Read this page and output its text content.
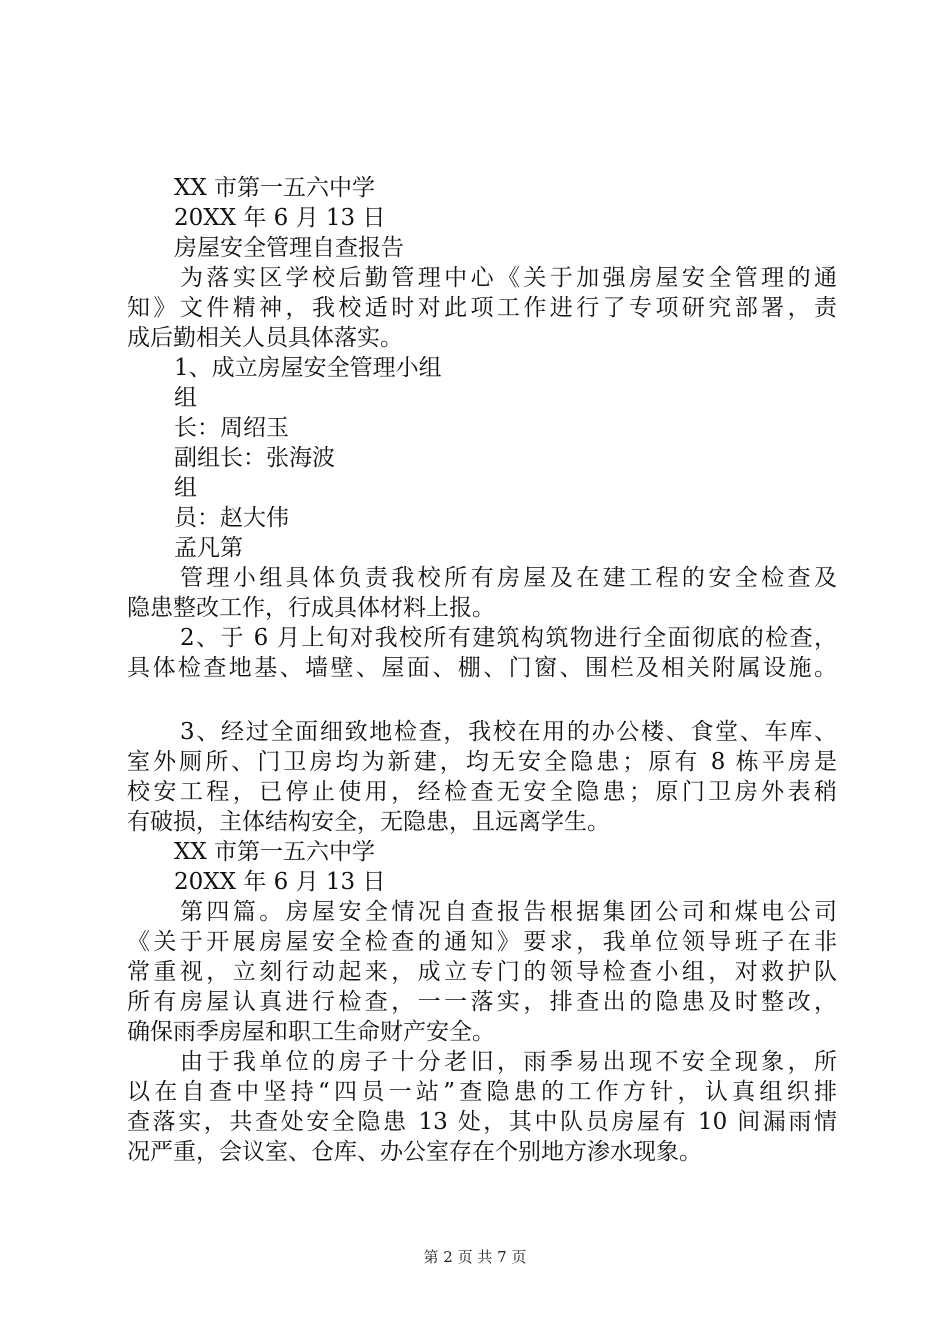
XX 市第一五六中学
20XX 年 6 月 13 日
房屋安全管理自查报告
为落实区学校后勤管理中心《关于加强房屋安全管理的通
知》文件精神，我校适时对此项工作进行了专项研究部署，责
成后勤相关人员具体落实。
1、成立房屋安全管理小组
组
长：周绍玉
副组长：张海波
组
员：赵大伟
孟凡第
管理小组具体负责我校所有房屋及在建工程的安全检查及
隐患整改工作，行成具体材料上报。
2、于 6 月上旬对我校所有建筑构筑物进行全面彻底的检查，
具体检查地基、墙壁、屋面、棚、门窗、围栏及相关附属设施。
3、经过全面细致地检查，我校在用的办公楼、食堂、车库、
室外厕所、门卫房均为新建，均无安全隐患；原有 8 栋平房是
校安工程，已停止使用，经检查无安全隐患；原门卫房外表稍
有破损，主体结构安全，无隐患，且远离学生。
XX 市第一五六中学
20XX 年 6 月 13 日
第四篇。房屋安全情况自查报告根据集团公司和煤电公司
《关于开展房屋安全检查的通知》要求，我单位领导班子在非
常重视，立刻行动起来，成立专门的领导检查小组，对救护队
所有房屋认真进行检查，一一落实，排查出的隐患及时整改，
确保雨季房屋和职工生命财产安全。
由于我单位的房子十分老旧，雨季易出现不安全现象，所
以在自查中坚持“四员一站”查隐患的工作方针，认真组织排
查落实，共查处安全隐患 13 处，其中队员房屋有 10 间漏雨情
况严重，会议室、仓库、办公室存在个别地方渗水现象。
第 2 页 共 7 页
